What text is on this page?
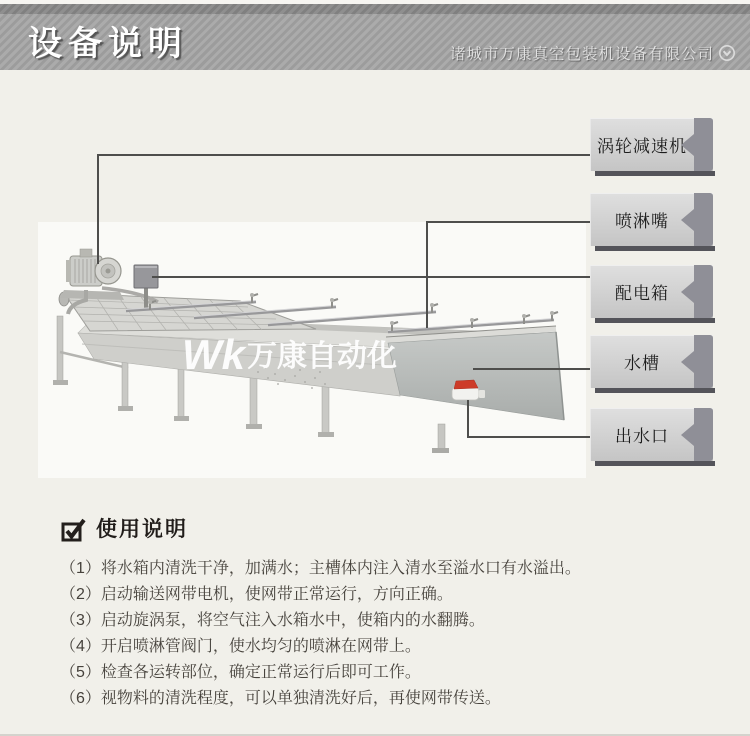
设备说明	诸城市万康真空包装机设备有限公司
Wk 万康自动化
涡轮减速机
喷淋嘴
配电箱
水槽
出水口
使用说明
（1）将水箱内清洗干净，加满水；主槽体内注入清水至溢水口有水溢出。
（2）启动输送网带电机，使网带正常运行，方向正确。
（3）启动旋涡泵，将空气注入水箱水中，使箱内的水翻腾。
（4）开启喷淋管阀门，使水均匀的喷淋在网带上。
（5）检查各运转部位，确定正常运行后即可工作。
（6）视物料的清洗程度，可以单独清洗好后，再使网带传送。
